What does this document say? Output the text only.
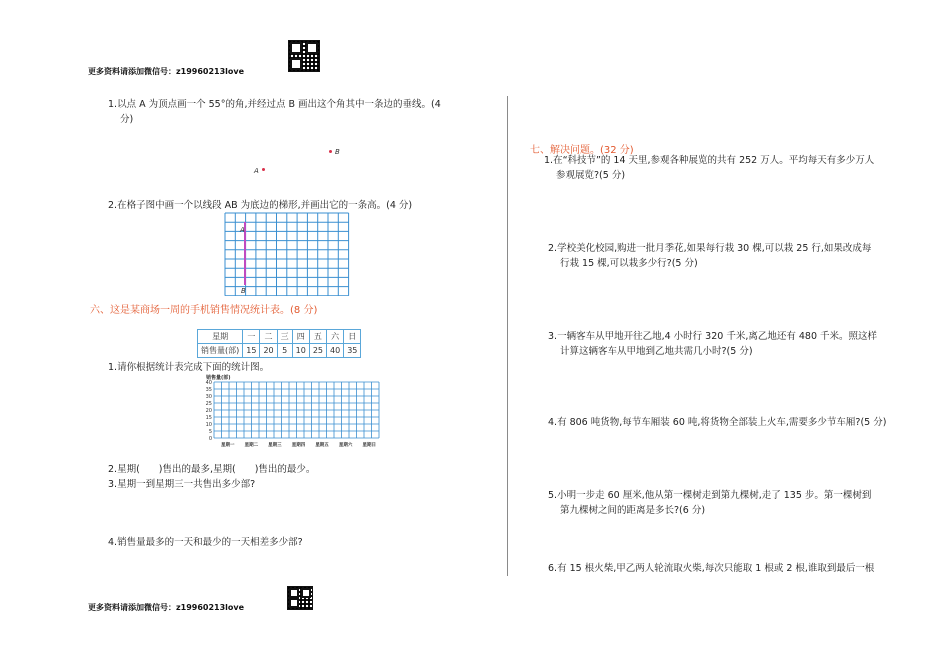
更多资料请添加微信号：z19960213love
更多资料请添加微信号：z19960213love
1.以点 A 为顶点画一个 55°的角,并经过点 B 画出这个角其中一条边的垂线。(4
分)
B
A
2.在格子图中画一个以线段 AB 为底边的梯形,并画出它的一条高。(4 分)
A
B
六、这是某商场一周的手机销售情况统计表。(8 分)
星期	一	二	三	四	五	六	日
销售量(部)	15	20	5	10	25	40	35
1.请你根据统计表完成下面的统计图。
销售量(部)
0
5
10
15
20
25
30
35
40
星期一 星期二 星期三 星期四 星期五 星期六 星期日
2.星期(　　)售出的最多,星期(　　)售出的最少。
3.星期一到星期三一共售出多少部?
4.销售量最多的一天和最少的一天相差多少部?
七、解决问题。(32 分)
1.在“科技节”的 14 天里,参观各种展览的共有 252 万人。平均每天有多少万人
参观展览?(5 分)
2.学校美化校园,购进一批月季花,如果每行栽 30 棵,可以栽 25 行,如果改成每
行栽 15 棵,可以栽多少行?(5 分)
3.一辆客车从甲地开往乙地,4 小时行 320 千米,离乙地还有 480 千米。照这样
计算这辆客车从甲地到乙地共需几小时?(5 分)
4.有 806 吨货物,每节车厢装 60 吨,将货物全部装上火车,需要多少节车厢?(5 分)
5.小明一步走 60 厘米,他从第一棵树走到第九棵树,走了 135 步。第一棵树到
第九棵树之间的距离是多长?(6 分)
6.有 15 根火柴,甲乙两人轮流取火柴,每次只能取 1 根或 2 根,谁取到最后一根
